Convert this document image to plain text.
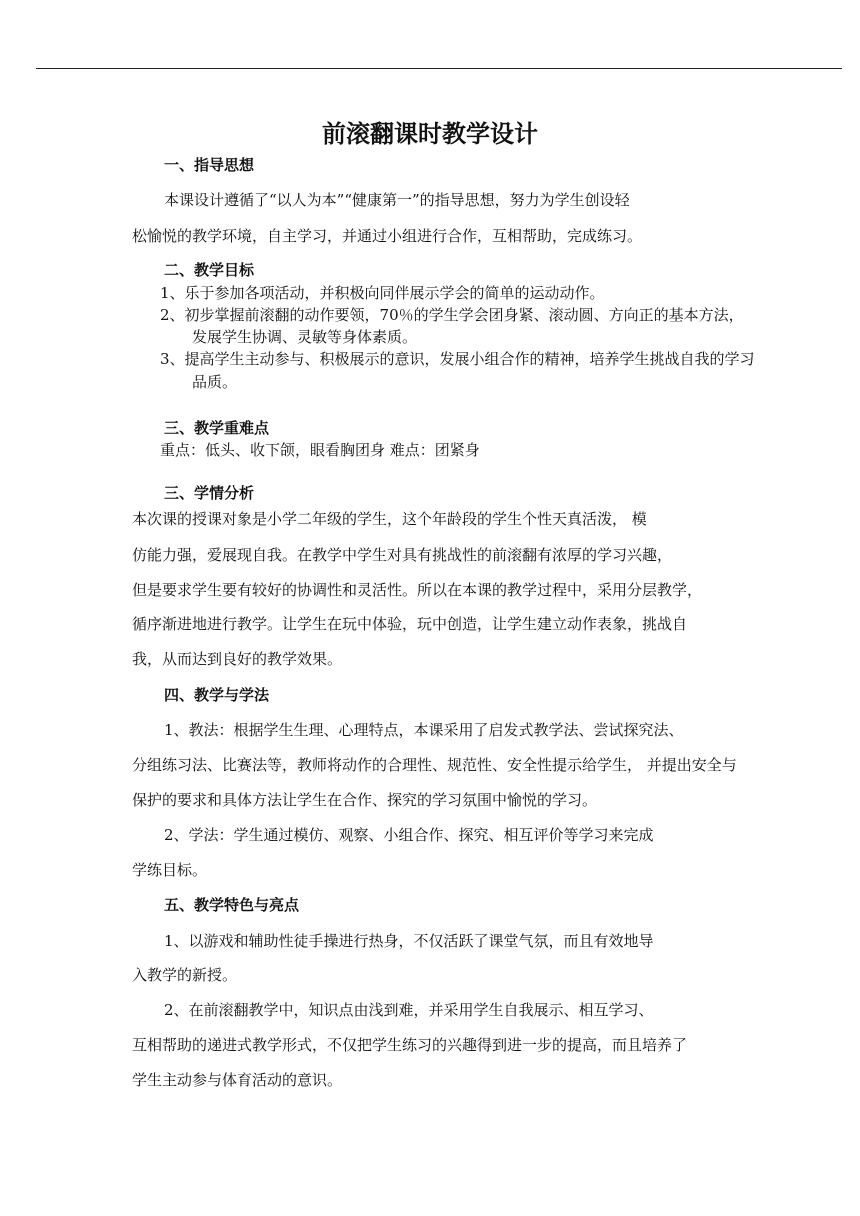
前滚翻课时教学设计
一、指导思想
本课设计遵循了“以人为本”“健康第一”的指导思想，努力为学生创设轻
松愉悦的教学环境，自主学习，并通过小组进行合作，互相帮助，完成练习。
二、教学目标
1、乐于参加各项活动，并积极向同伴展示学会的简单的运动动作。
2、初步掌握前滚翻的动作要领，70％的学生学会团身紧、滚动圆、方向正的基本方法，
发展学生协调、灵敏等身体素质。
3、提高学生主动参与、积极展示的意识，发展小组合作的精神，培养学生挑战自我的学习
品质。
三、教学重难点
重点：低头、收下颌，眼看胸团身 难点：团紧身
三、学情分析
本次课的授课对象是小学二年级的学生，这个年龄段的学生个性天真活泼， 模
仿能力强，爱展现自我。在教学中学生对具有挑战性的前滚翻有浓厚的学习兴趣，
但是要求学生要有较好的协调性和灵活性。所以在本课的教学过程中，采用分层教学，
循序渐进地进行教学。让学生在玩中体验，玩中创造，让学生建立动作表象，挑战自
我，从而达到良好的教学效果。
四、教学与学法
1、教法：根据学生生理、心理特点，本课采用了启发式教学法、尝试探究法、
分组练习法、比赛法等，教师将动作的合理性、规范性、安全性提示给学生， 并提出安全与
保护的要求和具体方法让学生在合作、探究的学习氛围中愉悦的学习。
2、学法：学生通过模仿、观察、小组合作、探究、相互评价等学习来完成
学练目标。
五、教学特色与亮点
1、以游戏和辅助性徒手操进行热身，不仅活跃了课堂气氛，而且有效地导
入教学的新授。
2、在前滚翻教学中，知识点由浅到难，并采用学生自我展示、相互学习、
互相帮助的递进式教学形式，不仅把学生练习的兴趣得到进一步的提高，而且培养了
学生主动参与体育活动的意识。
